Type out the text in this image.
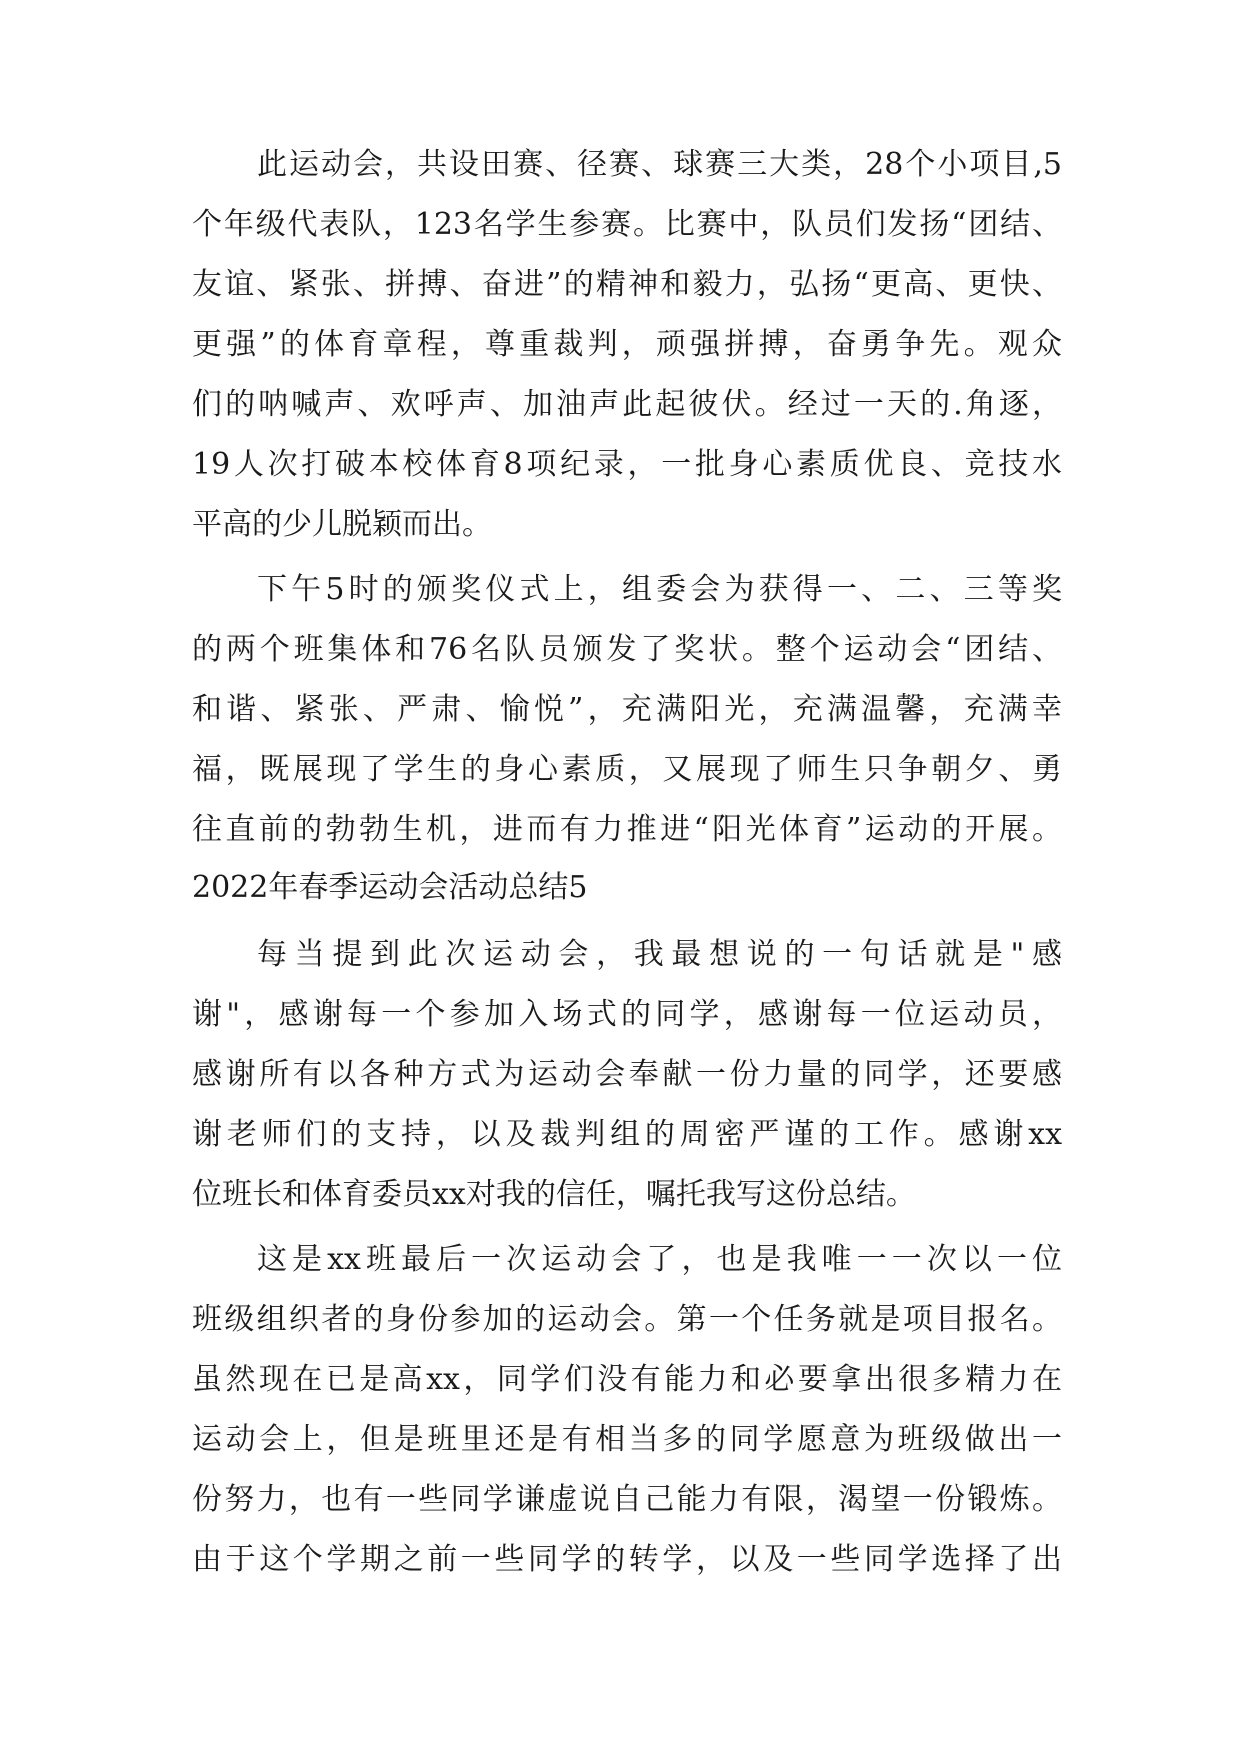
此运动会，共设田赛、径赛、球赛三大类，28个小项目,5
个年级代表队，123名学生参赛。比赛中，队员们发扬“团结、
友谊、紧张、拼搏、奋进”的精神和毅力，弘扬“更高、更快、
更强”的体育章程，尊重裁判，顽强拼搏，奋勇争先。观众
们的呐喊声、欢呼声、加油声此起彼伏。经过一天的.角逐，
19人次打破本校体育8项纪录，一批身心素质优良、竞技水
平高的少儿脱颖而出。
下午5时的颁奖仪式上，组委会为获得一、二、三等奖
的两个班集体和76名队员颁发了奖状。整个运动会“团结、
和谐、紧张、严肃、愉悦”，充满阳光，充满温馨，充满幸
福，既展现了学生的身心素质，又展现了师生只争朝夕、勇
往直前的勃勃生机，进而有力推进“阳光体育”运动的开展。
2022年春季运动会活动总结5
每当提到此次运动会，我最想说的一句话就是"感
谢"，感谢每一个参加入场式的同学，感谢每一位运动员，
感谢所有以各种方式为运动会奉献一份力量的同学，还要感
谢老师们的支持，以及裁判组的周密严谨的工作。感谢xx
位班长和体育委员xx对我的信任，嘱托我写这份总结。
这是xx班最后一次运动会了，也是我唯一一次以一位
班级组织者的身份参加的运动会。第一个任务就是项目报名。
虽然现在已是高xx，同学们没有能力和必要拿出很多精力在
运动会上，但是班里还是有相当多的同学愿意为班级做出一
份努力，也有一些同学谦虚说自己能力有限，渴望一份锻炼。
由于这个学期之前一些同学的转学，以及一些同学选择了出
